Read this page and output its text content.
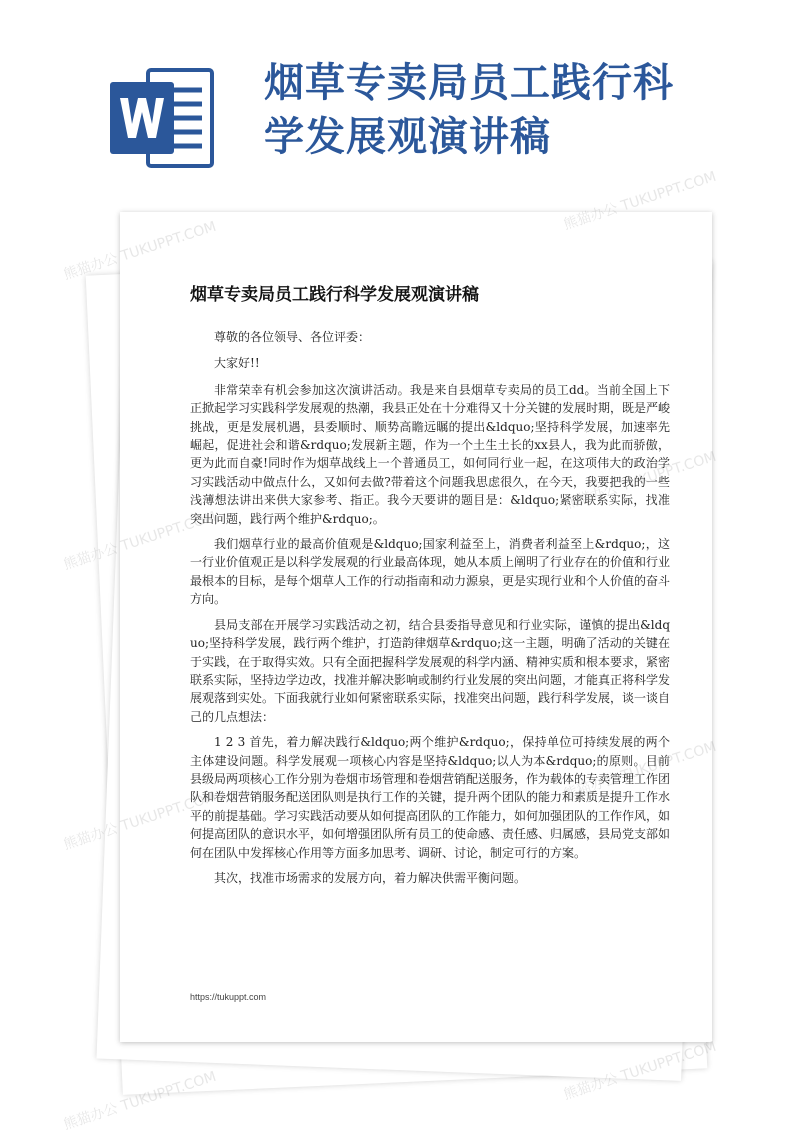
烟草专卖局员工践行科学发展观演讲稿
烟草专卖局员工践行科学发展观演讲稿

尊敬的各位领导、各位评委：

大家好!!

非常荣幸有机会参加这次演讲活动。我是来自县烟草专卖局的员工dd。当前全国上下正掀起学习实践科学发展观的热潮，我县正处在十分难得又十分关键的发展时期，既是严峻挑战，更是发展机遇，县委顺时、顺势高瞻远瞩的提出&ldquo;坚持科学发展，加速率先崛起，促进社会和谐&rdquo;发展新主题，作为一个土生土长的xx县人，我为此而骄傲，更为此而自豪!同时作为烟草战线上一个普通员工，如何同行业一起，在这项伟大的政治学习实践活动中做点什么，又如何去做?带着这个问题我思虑很久，在今天，我要把我的一些浅薄想法讲出来供大家参考、指正。我今天要讲的题目是：&ldquo;紧密联系实际，找准突出问题，践行两个维护&rdquo;。

我们烟草行业的最高价值观是&ldquo;国家利益至上，消费者利益至上&rdquo;，这一行业价值观正是以科学发展观的行业最高体现，她从本质上阐明了行业存在的价值和行业最根本的目标，是每个烟草人工作的行动指南和动力源泉，更是实现行业和个人价值的奋斗方向。

县局支部在开展学习实践活动之初，结合县委指导意见和行业实际，谨慎的提出&ldquo;坚持科学发展，践行两个维护，打造韵律烟草&rdquo;这一主题，明确了活动的关键在于实践，在于取得实效。只有全面把握科学发展观的科学内涵、精神实质和根本要求，紧密联系实际，坚持边学边改，找准并解决影响或制约行业发展的突出问题，才能真正将科学发展观落到实处。下面我就行业如何紧密联系实际，找准突出问题，践行科学发展，谈一谈自己的几点想法：

1 2 3 首先，着力解决践行&ldquo;两个维护&rdquo;，保持单位可持续发展的两个主体建设问题。科学发展观一项核心内容是坚持&ldquo;以人为本&rdquo;的原则。目前县级局两项核心工作分别为卷烟市场管理和卷烟营销配送服务，作为载体的专卖管理工作团队和卷烟营销服务配送团队则是执行工作的关键，提升两个团队的能力和素质是提升工作水平的前提基础。学习实践活动要从如何提高团队的工作能力，如何加强团队的工作作风，如何提高团队的意识水平，如何增强团队所有员工的使命感、责任感、归属感，县局党支部如何在团队中发挥核心作用等方面多加思考、调研、讨论，制定可行的方案。

其次，找准市场需求的发展方向，着力解决供需平衡问题。

https://tukuppt.com
熊猫办公
熊猫办公 TUKUPPT.COM
熊猫办公
熊猫办公
熊猫办公 TUKUPPT.COM	熊猫办公
